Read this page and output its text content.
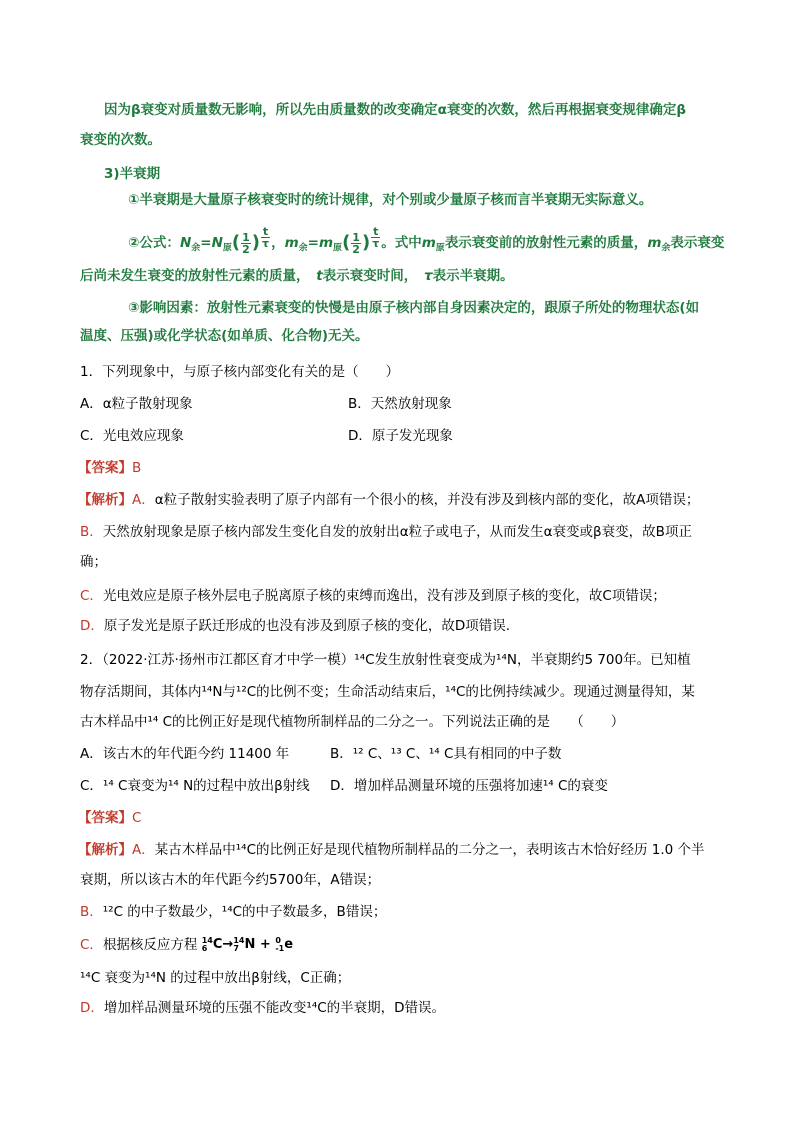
因为β衰变对质量数无影响，所以先由质量数的改变确定α衰变的次数，然后再根据衰变规律确定β
衰变的次数。
3)半衰期
①半衰期是大量原子核衰变时的统计规律，对个别或少量原子核而言半衰期无实际意义。
②公式：$N_余=N_原( \frac{1}{2}$ ) $\frac{t}{\tau}$ ，$m_余=m_原( \frac{1}{2}$ ) $\frac{t}{\tau}$ 。式中$m_原$表示衰变前的放射性元素的质量，$m_余$表示衰变
后尚未发生衰变的放射性元素的质量，　 t表示衰变时间，　 τ表示半衰期。
③影响因素：放射性元素衰变的快慢是由原子核内部自身因素决定的，跟原子所处的物理状态(如
温度、压强)或化学状态(如单质、化合物)无关。
1．下列现象中，与原子核内部变化有关的是（　　）
A．α粒子散射现象	B．天然放射现象
C．光电效应现象	D．原子发光现象
【答案】B
【解析】A．α粒子散射实验表明了原子内部有一个很小的核，并没有涉及到核内部的变化，故A项错误；
B．天然放射现象是原子核内部发生变化自发的放射出α粒子或电子，从而发生α衰变或β衰变，故B项正
确；
C．光电效应是原子核外层电子脱离原子核的束缚而逸出，没有涉及到原子核的变化，故C项错误；
D．原子发光是原子跃迁形成的也没有涉及到原子核的变化，故D项错误.
2．（2022·江苏·扬州市江都区育才中学一模）¹⁴C发生放射性衰变成为¹⁴N，半衰期约5 700年。已知植
物存活期间，其体内¹⁴N与¹²C的比例不变；生命活动结束后，¹⁴C的比例持续减少。现通过测量得知，某
古木样品中¹⁴ C的比例正好是现代植物所制样品的二分之一。下列说法正确的是　　（　　）
A．该古木的年代距今约 11400 年	B．¹² C、¹³ C、¹⁴ C具有相同的中子数
C．¹⁴ C衰变为¹⁴ N的过程中放出β射线 D．增加样品测量环境的压强将加速¹⁴ C的衰变
【答案】C
【解析】A．某古木样品中¹⁴C的比例正好是现代植物所制样品的二分之一，表明该古木恰好经历 1.0 个半
衰期，所以该古木的年代距今约5700年，A错误；
B．¹²C 的中子数最少，¹⁴C的中子数最多，B错误；
C．根据核反应方程 14
6 C→14
7 N + 0
-1e
¹⁴C 衰变为¹⁴N 的过程中放出β射线，C正确；
D．增加样品测量环境的压强不能改变¹⁴C的半衰期，D错误。
